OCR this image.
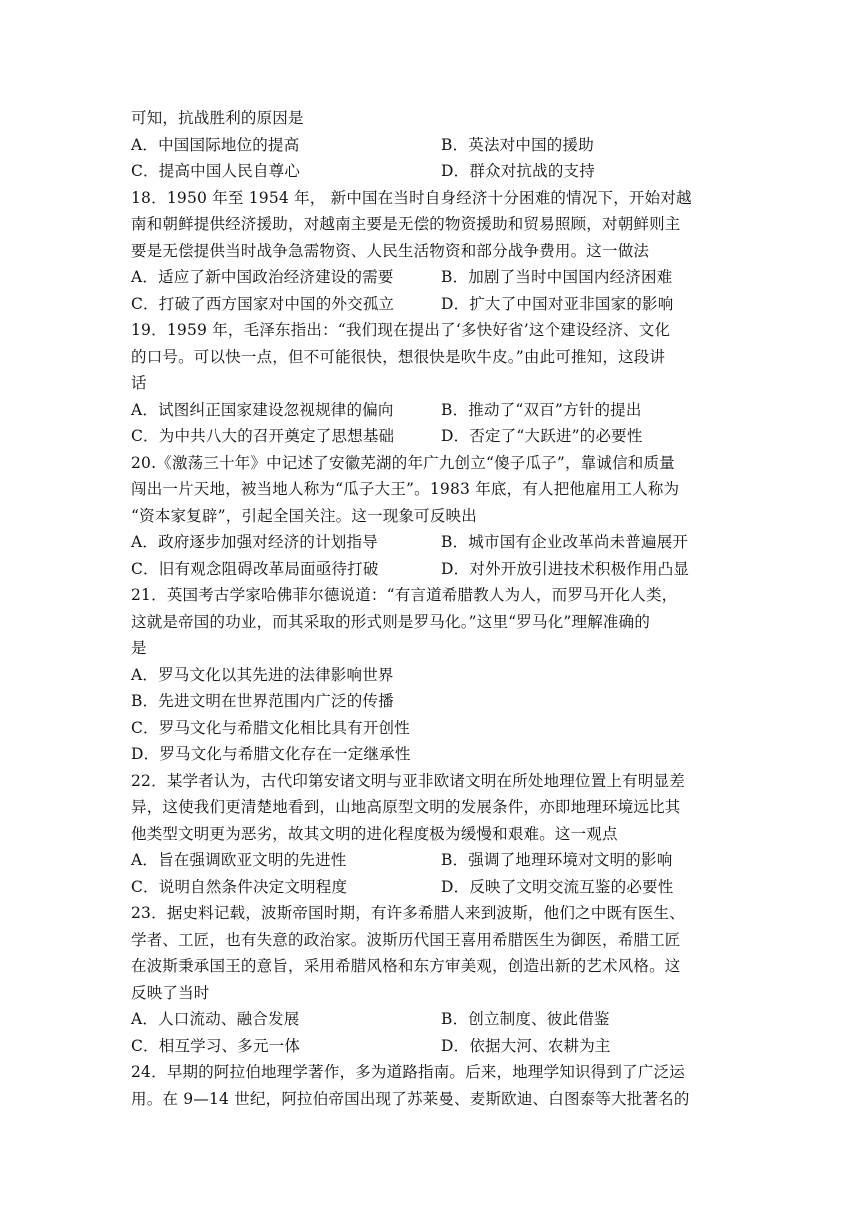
可知，抗战胜利的原因是
A．中国国际地位的提高	B．英法对中国的援助
C．提高中国人民自尊心	D．群众对抗战的支持
18．1950 年至 1954 年， 新中国在当时自身经济十分困难的情况下，开始对越
南和朝鲜提供经济援助，对越南主要是无偿的物资援助和贸易照顾，对朝鲜则主
要是无偿提供当时战争急需物资、人民生活物资和部分战争费用。这一做法
A．适应了新中国政治经济建设的需要	B．加剧了当时中国国内经济困难
C．打破了西方国家对中国的外交孤立	D．扩大了中国对亚非国家的影响
19．1959 年，毛泽东指出：“我们现在提出了‘多快好省’这个建设经济、文化
的口号。可以快一点，但不可能很快，想很快是吹牛皮。”由此可推知，这段讲
话
A．试图纠正国家建设忽视规律的偏向	B．推动了“双百”方针的提出
C．为中共八大的召开奠定了思想基础	D．否定了“大跃进”的必要性
20.《激荡三十年》中记述了安徽芜湖的年广九创立“傻子瓜子”，靠诚信和质量
闯出一片天地，被当地人称为“瓜子大王”。1983 年底，有人把他雇用工人称为
“资本家复辟”，引起全国关注。这一现象可反映出
A．政府逐步加强对经济的计划指导	B．城市国有企业改革尚未普遍展开
C．旧有观念阻碍改革局面亟待打破	D．对外开放引进技术积极作用凸显
21．英国考古学家哈佛菲尔德说道：“有言道希腊教人为人，而罗马开化人类，
这就是帝国的功业，而其采取的形式则是罗马化。”这里“罗马化”理解准确的
是
A．罗马文化以其先进的法律影响世界
B．先进文明在世界范围内广泛的传播
C．罗马文化与希腊文化相比具有开创性
D．罗马文化与希腊文化存在一定继承性
22．某学者认为，古代印第安诸文明与亚非欧诸文明在所处地理位置上有明显差
异，这使我们更清楚地看到，山地高原型文明的发展条件，亦即地理环境远比其
他类型文明更为恶劣，故其文明的进化程度极为缓慢和艰难。这一观点
A．旨在强调欧亚文明的先进性	B．强调了地理环境对文明的影响
C．说明自然条件决定文明程度	D．反映了文明交流互鉴的必要性
23．据史料记载，波斯帝国时期，有许多希腊人来到波斯，他们之中既有医生、
学者、工匠，也有失意的政治家。波斯历代国王喜用希腊医生为御医，希腊工匠
在波斯秉承国王的意旨，采用希腊风格和东方审美观，创造出新的艺术风格。这
反映了当时
A．人口流动、融合发展	B．创立制度、彼此借鉴
C．相互学习、多元一体	D．依据大河、农耕为主
24．早期的阿拉伯地理学著作，多为道路指南。后来，地理学知识得到了广泛运
用。在 9—14 世纪，阿拉伯帝国出现了苏莱曼、麦斯欧迪、白图泰等大批著名的
